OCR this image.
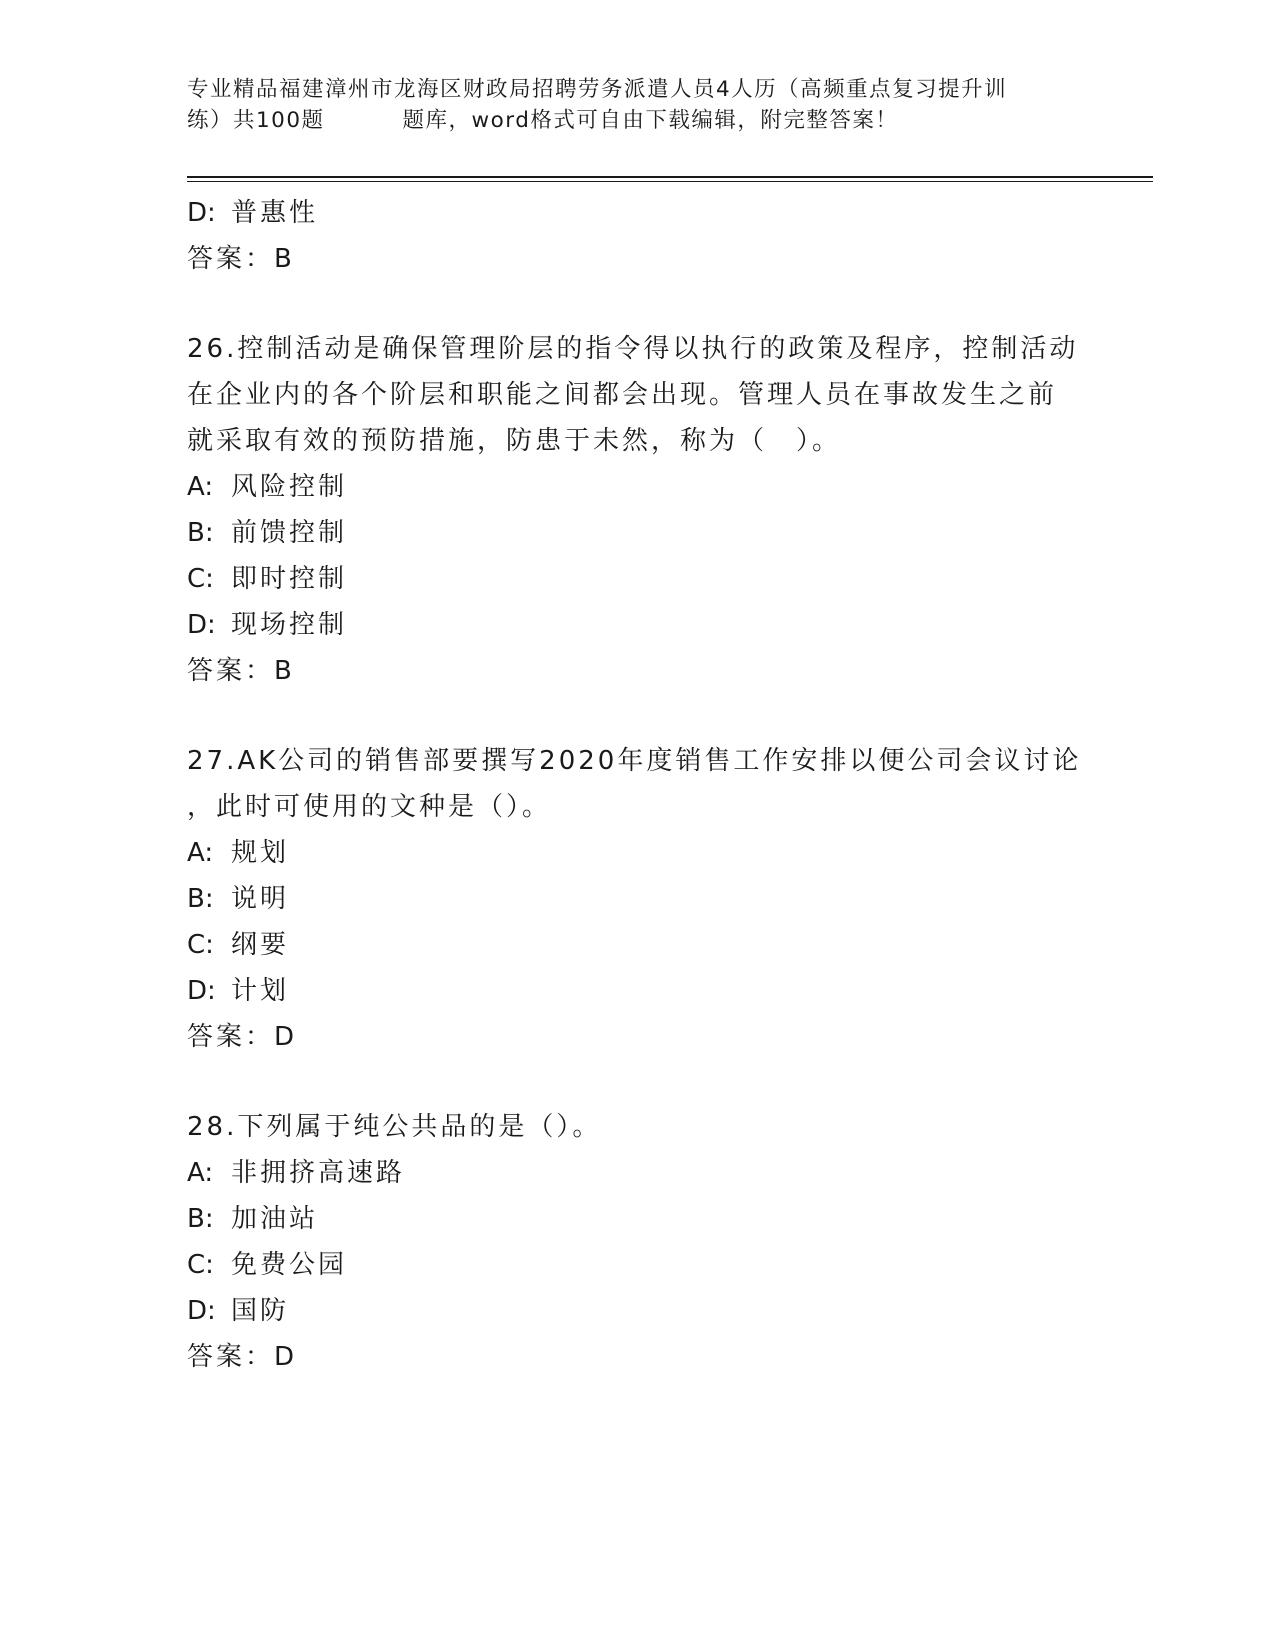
专业精品福建漳州市龙海区财政局招聘劳务派遣人员4人历（高频重点复习提升训
练）共100题	题库，word格式可自由下载编辑，附完整答案！
D: 普惠性
答案：B
26.控制活动是确保管理阶层的指令得以执行的政策及程序，控制活动
在企业内的各个阶层和职能之间都会出现。管理人员在事故发生之前
就采取有效的预防措施，防患于未然，称为（　）。
A: 风险控制
B: 前馈控制
C: 即时控制
D: 现场控制
答案：B
27.AK公司的销售部要撰写2020年度销售工作安排以便公司会议讨论
，此时可使用的文种是（）。
A: 规划
B: 说明
C: 纲要
D: 计划
答案：D
28.下列属于纯公共品的是（）。
A: 非拥挤高速路
B: 加油站
C: 免费公园
D: 国防
答案：D
